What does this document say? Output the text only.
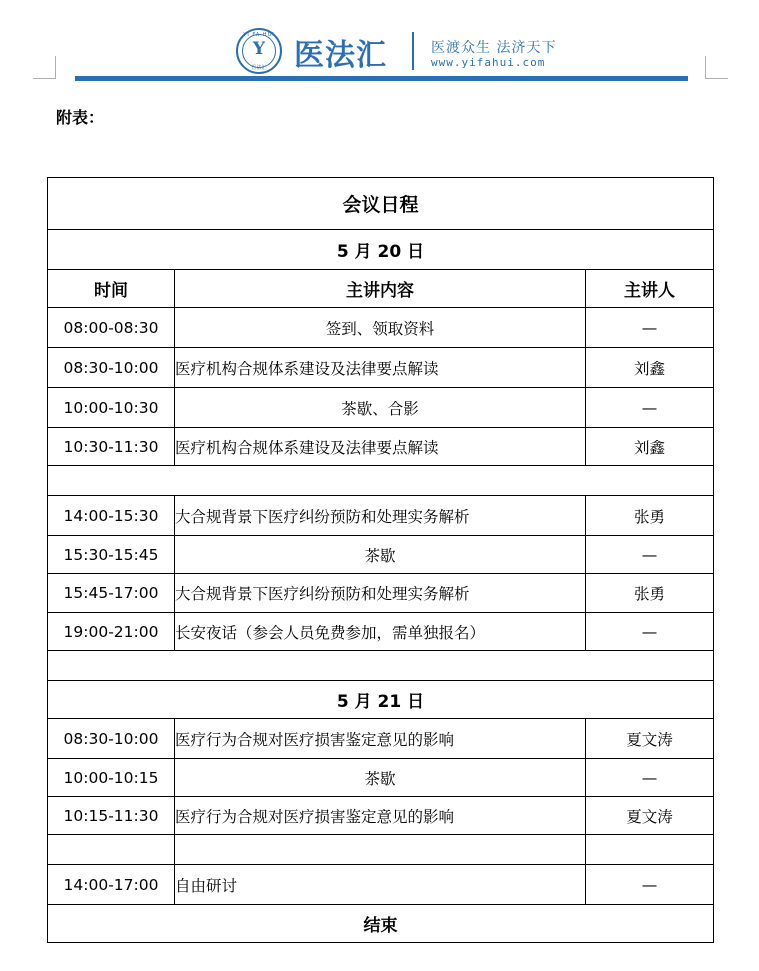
YI FA HUI
Y
医法汇 医法汇	医渡众生 法济天下
www.yifahui.com
附表：
会议日程		
5 月 20 日		
时间	主讲内容	主讲人
08:00-08:30	签到、领取资料	—
08:30-10:00	医疗机构合规体系建设及法律要点解读	刘鑫
10:00-10:30	茶歇、合影	—
10:30-11:30	医疗机构合规体系建设及法律要点解读	刘鑫

14:00-15:30	大合规背景下医疗纠纷预防和处理实务解析	张勇
15:30-15:45	茶歇	—
15:45-17:00	大合规背景下医疗纠纷预防和处理实务解析	张勇
19:00-21:00	长安夜话（参会人员免费参加，需单独报名）	—

5 月 21 日		
08:30-10:00	医疗行为合规对医疗损害鉴定意见的影响	夏文涛
10:00-10:15	茶歇	—
10:15-11:30	医疗行为合规对医疗损害鉴定意见的影响	夏文涛

14:00-17:00	自由研讨	—
结束		
